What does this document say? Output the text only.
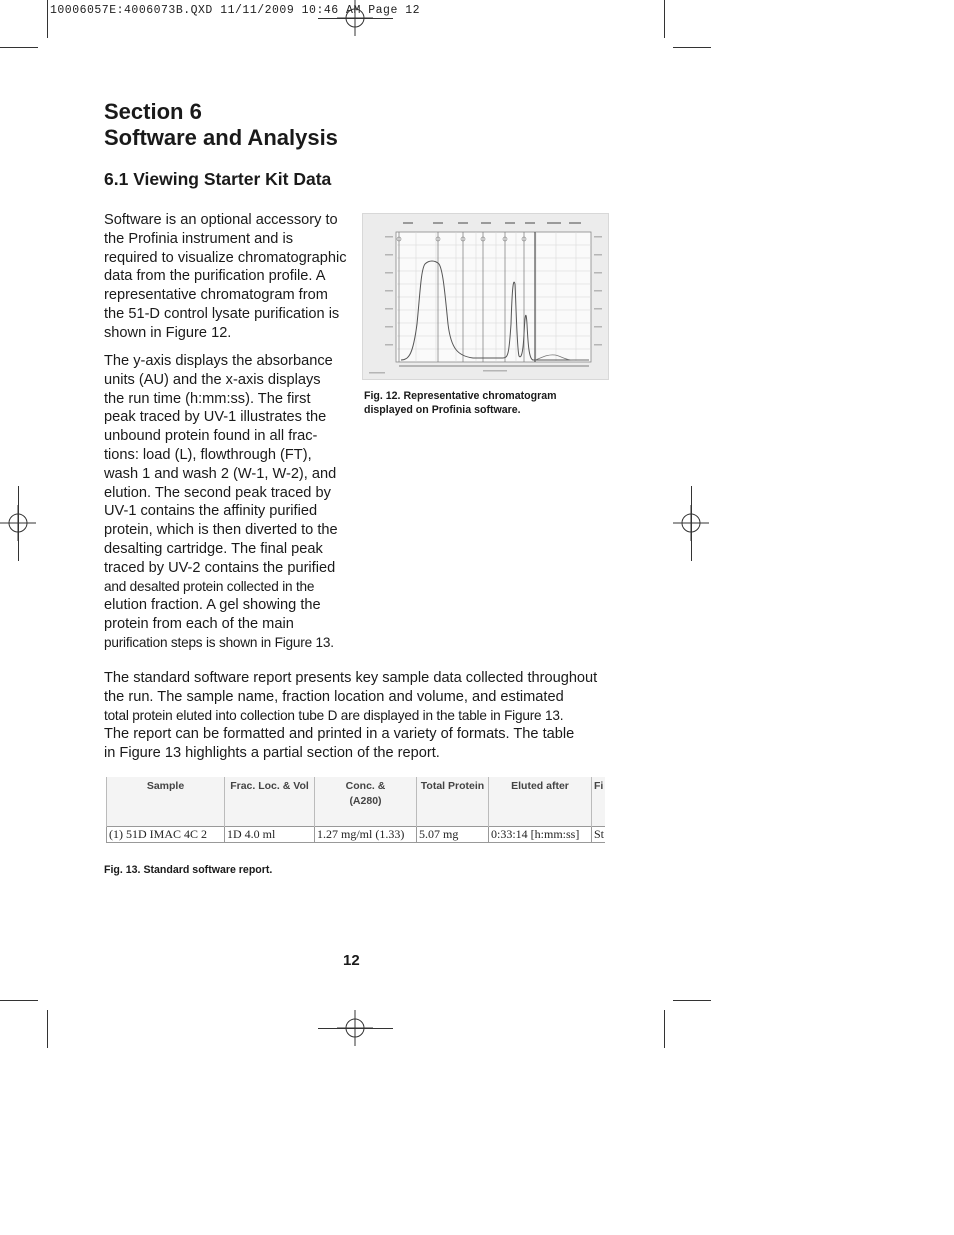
10006057E:4006073B.QXD 11/11/2009 10:46 AM Page 12
Section 6
Software and Analysis
6.1 Viewing Starter Kit Data

Software is an optional accessory to
the Profinia instrument and is
required to visualize chromatographic
data from the purification profile. A
representative chromatogram from
the 51-D control lysate purification is
shown in Figure 12.

The y-axis displays the absorbance
units (AU) and the x-axis displays
the run time (h:mm:ss). The first
peak traced by UV-1 illustrates the
unbound protein found in all frac-
tions: load (L), flowthrough (FT),
wash 1 and wash 2 (W-1, W-2), and
elution. The second peak traced by
UV-1 contains the affinity purified
protein, which is then diverted to the
desalting cartridge. The final peak
traced by UV-2 contains the purified
and desalted protein collected in the
elution fraction. A gel showing the
protein from each of the main
purification steps is shown in Figure 13.

Fig. 12. Representative chromatogram
displayed on Profinia software.

The standard software report presents key sample data collected throughout
the run. The sample name, fraction location and volume, and estimated
total protein eluted into collection tube D are displayed in the table in Figure 13.
The report can be formatted and printed in a variety of formats. The table
in Figure 13 highlights a partial section of the report.

Sample	Frac. Loc. & Vol	Conc. &
(A280)	Total Protein	Eluted after	Fi
(1) 51D IMAC 4C 2	1D 4.0 ml	1.27 mg/ml (1.33)	5.07 mg	0:33:14 [h:mm:ss]	St
Fig. 13. Standard software report.
12
